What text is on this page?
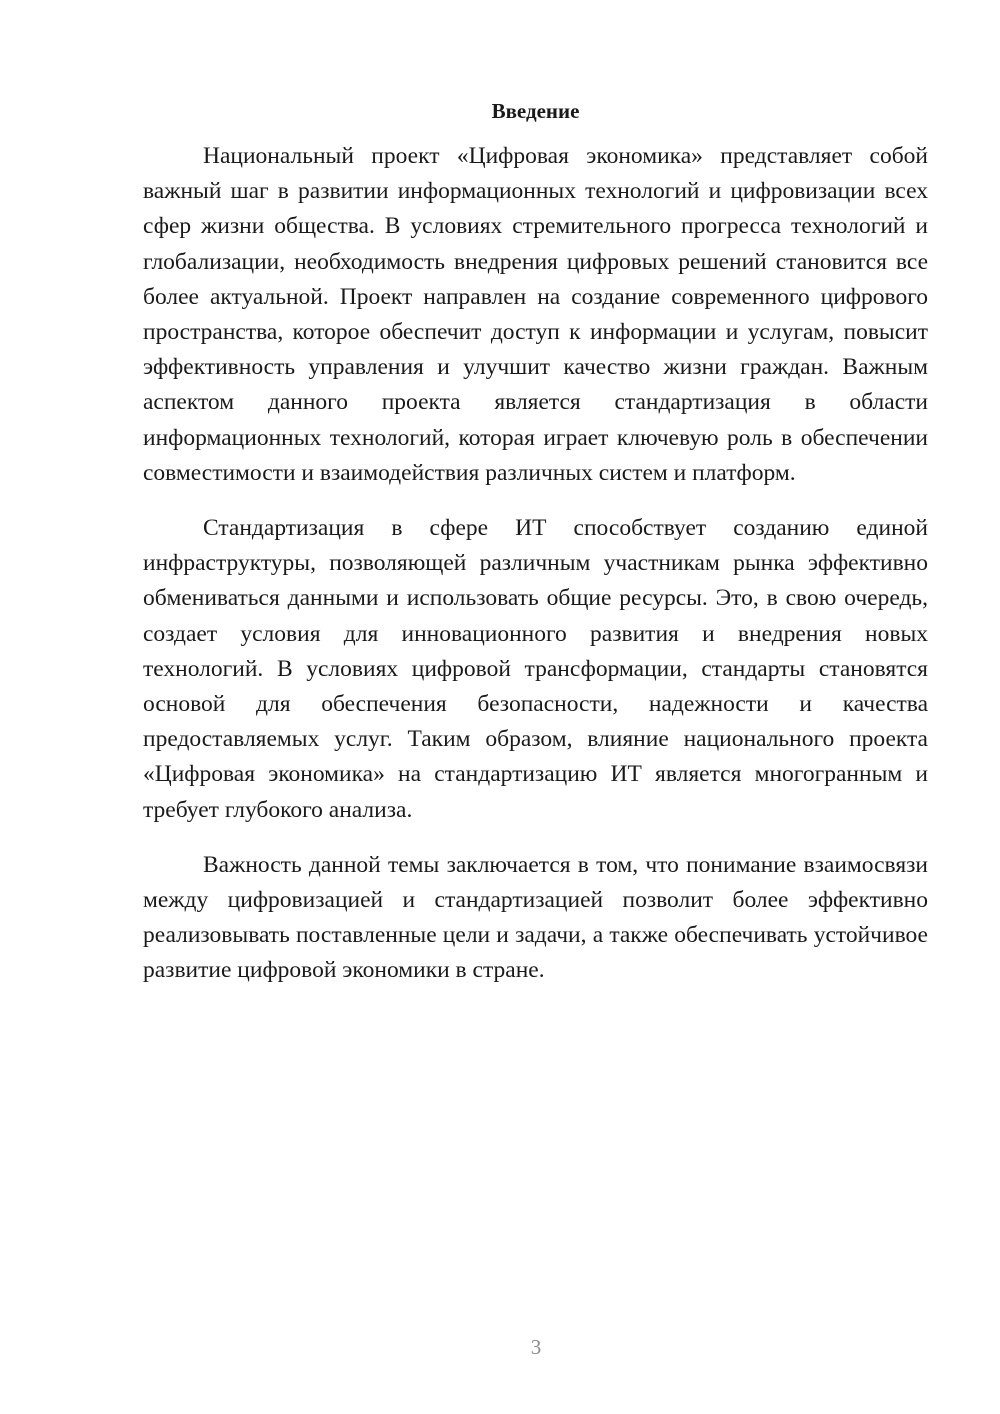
Введение

Национальный проект «Цифровая экономика» представляет собой важный шаг в развитии информационных технологий и цифровизации всех сфер жизни общества. В условиях стремительного прогресса технологий и глобализации, необходимость внедрения цифровых решений становится все более актуальной. Проект направлен на создание современного цифрового пространства, которое обеспечит доступ к информации и услугам, повысит эффективность управления и улучшит качество жизни граждан. Важным аспектом данного проекта является стандартизация в области информационных технологий, которая играет ключевую роль в обеспечении совместимости и взаимодействия различных систем и платформ.

Стандартизация в сфере ИТ способствует созданию единой инфраструктуры, позволяющей различным участникам рынка эффективно обмениваться данными и использовать общие ресурсы. Это, в свою очередь, создает условия для инновационного развития и внедрения новых технологий. В условиях цифровой трансформации, стандарты становятся основой для обеспечения безопасности, надежности и качества предоставляемых услуг. Таким образом, влияние национального проекта «Цифровая экономика» на стандартизацию ИТ является многогранным и требует глубокого анализа.

Важность данной темы заключается в том, что понимание взаимосвязи между цифровизацией и стандартизацией позволит более эффективно реализовывать поставленные цели и задачи, а также обеспечивать устойчивое развитие цифровой экономики в стране.

3
